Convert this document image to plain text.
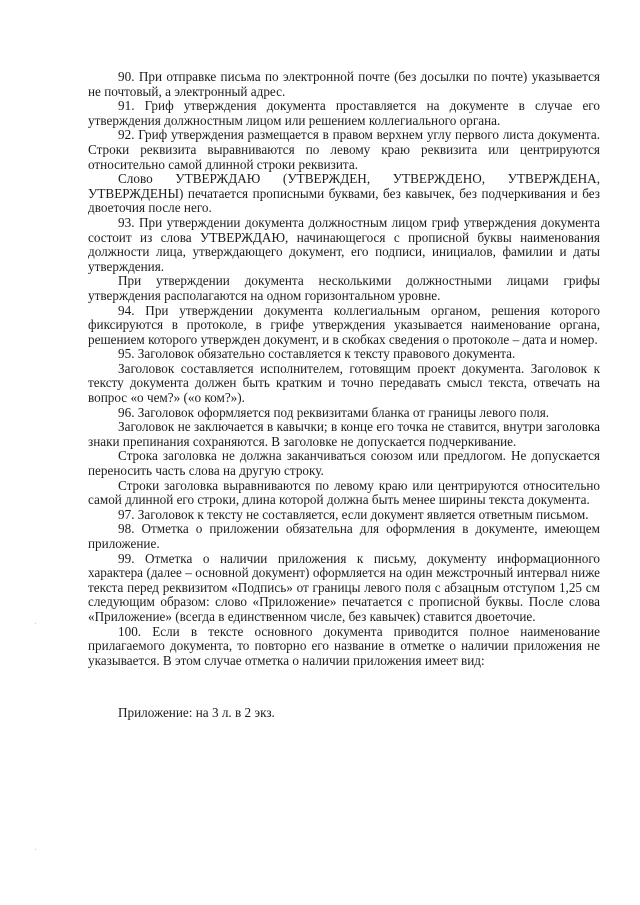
90. При отправке письма по электронной почте (без досылки по почте) указывается не почтовый, а электронный адрес.

91. Гриф утверждения документа проставляется на документе в случае его утверждения должностным лицом или решением коллегиального органа.

92. Гриф утверждения размещается в правом верхнем углу первого листа документа. Строки реквизита выравниваются по левому краю реквизита или центрируются относительно самой длинной строки реквизита.

Слово УТВЕРЖДАЮ (УТВЕРЖДЕН, УТВЕРЖДЕНО, УТВЕРЖДЕНА, УТВЕРЖДЕНЫ) печатается прописными буквами, без кавычек, без подчеркивания и без двоеточия после него.

93. При утверждении документа должностным лицом гриф утверждения документа состоит из слова УТВЕРЖДАЮ, начинающегося с прописной буквы наименования должности лица, утверждающего документ, его подписи, инициалов, фамилии и даты утверждения.

При утверждении документа несколькими должностными лицами грифы утверждения располагаются на одном горизонтальном уровне.

94. При утверждении документа коллегиальным органом, решения которого фиксируются в протоколе, в грифе утверждения указывается наименование органа, решением которого утвержден документ, и в скобках сведения о протоколе – дата и номер.

95. Заголовок обязательно составляется к тексту правового документа.

Заголовок составляется исполнителем, готовящим проект документа. Заголовок к тексту документа должен быть кратким и точно передавать смысл текста, отвечать на вопрос «о чем?» («о ком?»).

96. Заголовок оформляется под реквизитами бланка от границы левого поля.

Заголовок не заключается в кавычки; в конце его точка не ставится, внутри заголовка знаки препинания сохраняются. В заголовке не допускается подчеркивание.

Строка заголовка не должна заканчиваться союзом или предлогом. Не допускается переносить часть слова на другую строку.

Строки заголовка выравниваются по левому краю или центрируются относительно самой длинной его строки, длина которой должна быть менее ширины текста документа.

97. Заголовок к тексту не составляется, если документ является ответным письмом.

98. Отметка о приложении обязательна для оформления в документе, имеющем приложение.

99. Отметка о наличии приложения к письму, документу информационного характера (далее – основной документ) оформляется на один межстрочный интервал ниже текста перед реквизитом «Подпись» от границы левого поля с абзацным отступом 1,25 см следующим образом: слово «Приложение» печатается с прописной буквы. После слова «Приложение» (всегда в единственном числе, без кавычек) ставится двоеточие.

100. Если в тексте основного документа приводится полное наименование прилагаемого документа, то повторно его название в отметке о наличии приложения не указывается. В этом случае отметка о наличии приложения имеет вид:

Приложение: на 3 л. в 2 экз.

.
.
